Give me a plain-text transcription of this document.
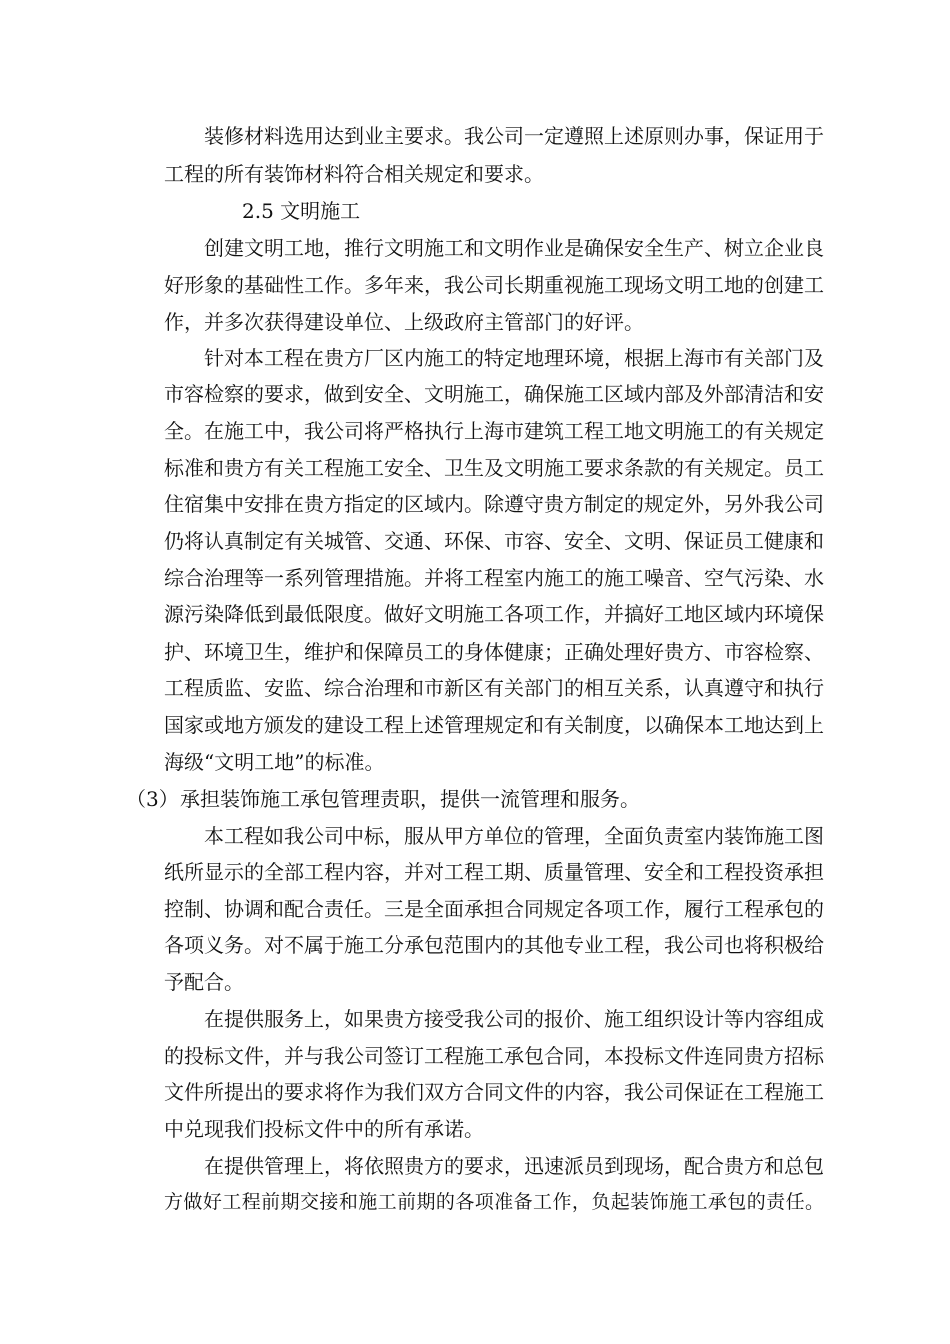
装修材料选用达到业主要求。我公司一定遵照上述原则办事，保证用于
工程的所有装饰材料符合相关规定和要求。
2.5 文明施工
创建文明工地，推行文明施工和文明作业是确保安全生产、树立企业良
好形象的基础性工作。多年来，我公司长期重视施工现场文明工地的创建工
作，并多次获得建设单位、上级政府主管部门的好评。
针对本工程在贵方厂区内施工的特定地理环境，根据上海市有关部门及
市容检察的要求，做到安全、文明施工，确保施工区域内部及外部清洁和安
全。在施工中，我公司将严格执行上海市建筑工程工地文明施工的有关规定
标准和贵方有关工程施工安全、卫生及文明施工要求条款的有关规定。员工
住宿集中安排在贵方指定的区域内。除遵守贵方制定的规定外，另外我公司
仍将认真制定有关城管、交通、环保、市容、安全、文明、保证员工健康和
综合治理等一系列管理措施。并将工程室内施工的施工噪音、空气污染、水
源污染降低到最低限度。做好文明施工各项工作，并搞好工地区域内环境保
护、环境卫生，维护和保障员工的身体健康；正确处理好贵方、市容检察、
工程质监、安监、综合治理和市新区有关部门的相互关系，认真遵守和执行
国家或地方颁发的建设工程上述管理规定和有关制度，以确保本工地达到上
海级“文明工地”的标准。
（3） 承担装饰施工承包管理责职，提供一流管理和服务。
本工程如我公司中标，服从甲方单位的管理，全面负责室内装饰施工图
纸所显示的全部工程内容，并对工程工期、质量管理、安全和工程投资承担
控制、协调和配合责任。三是全面承担合同规定各项工作，履行工程承包的
各项义务。对不属于施工分承包范围内的其他专业工程，我公司也将积极给
予配合。
在提供服务上，如果贵方接受我公司的报价、施工组织设计等内容组成
的投标文件，并与我公司签订工程施工承包合同，本投标文件连同贵方招标
文件所提出的要求将作为我们双方合同文件的内容，我公司保证在工程施工
中兑现我们投标文件中的所有承诺。
在提供管理上，将依照贵方的要求，迅速派员到现场，配合贵方和总包
方做好工程前期交接和施工前期的各项准备工作，负起装饰施工承包的责任。
